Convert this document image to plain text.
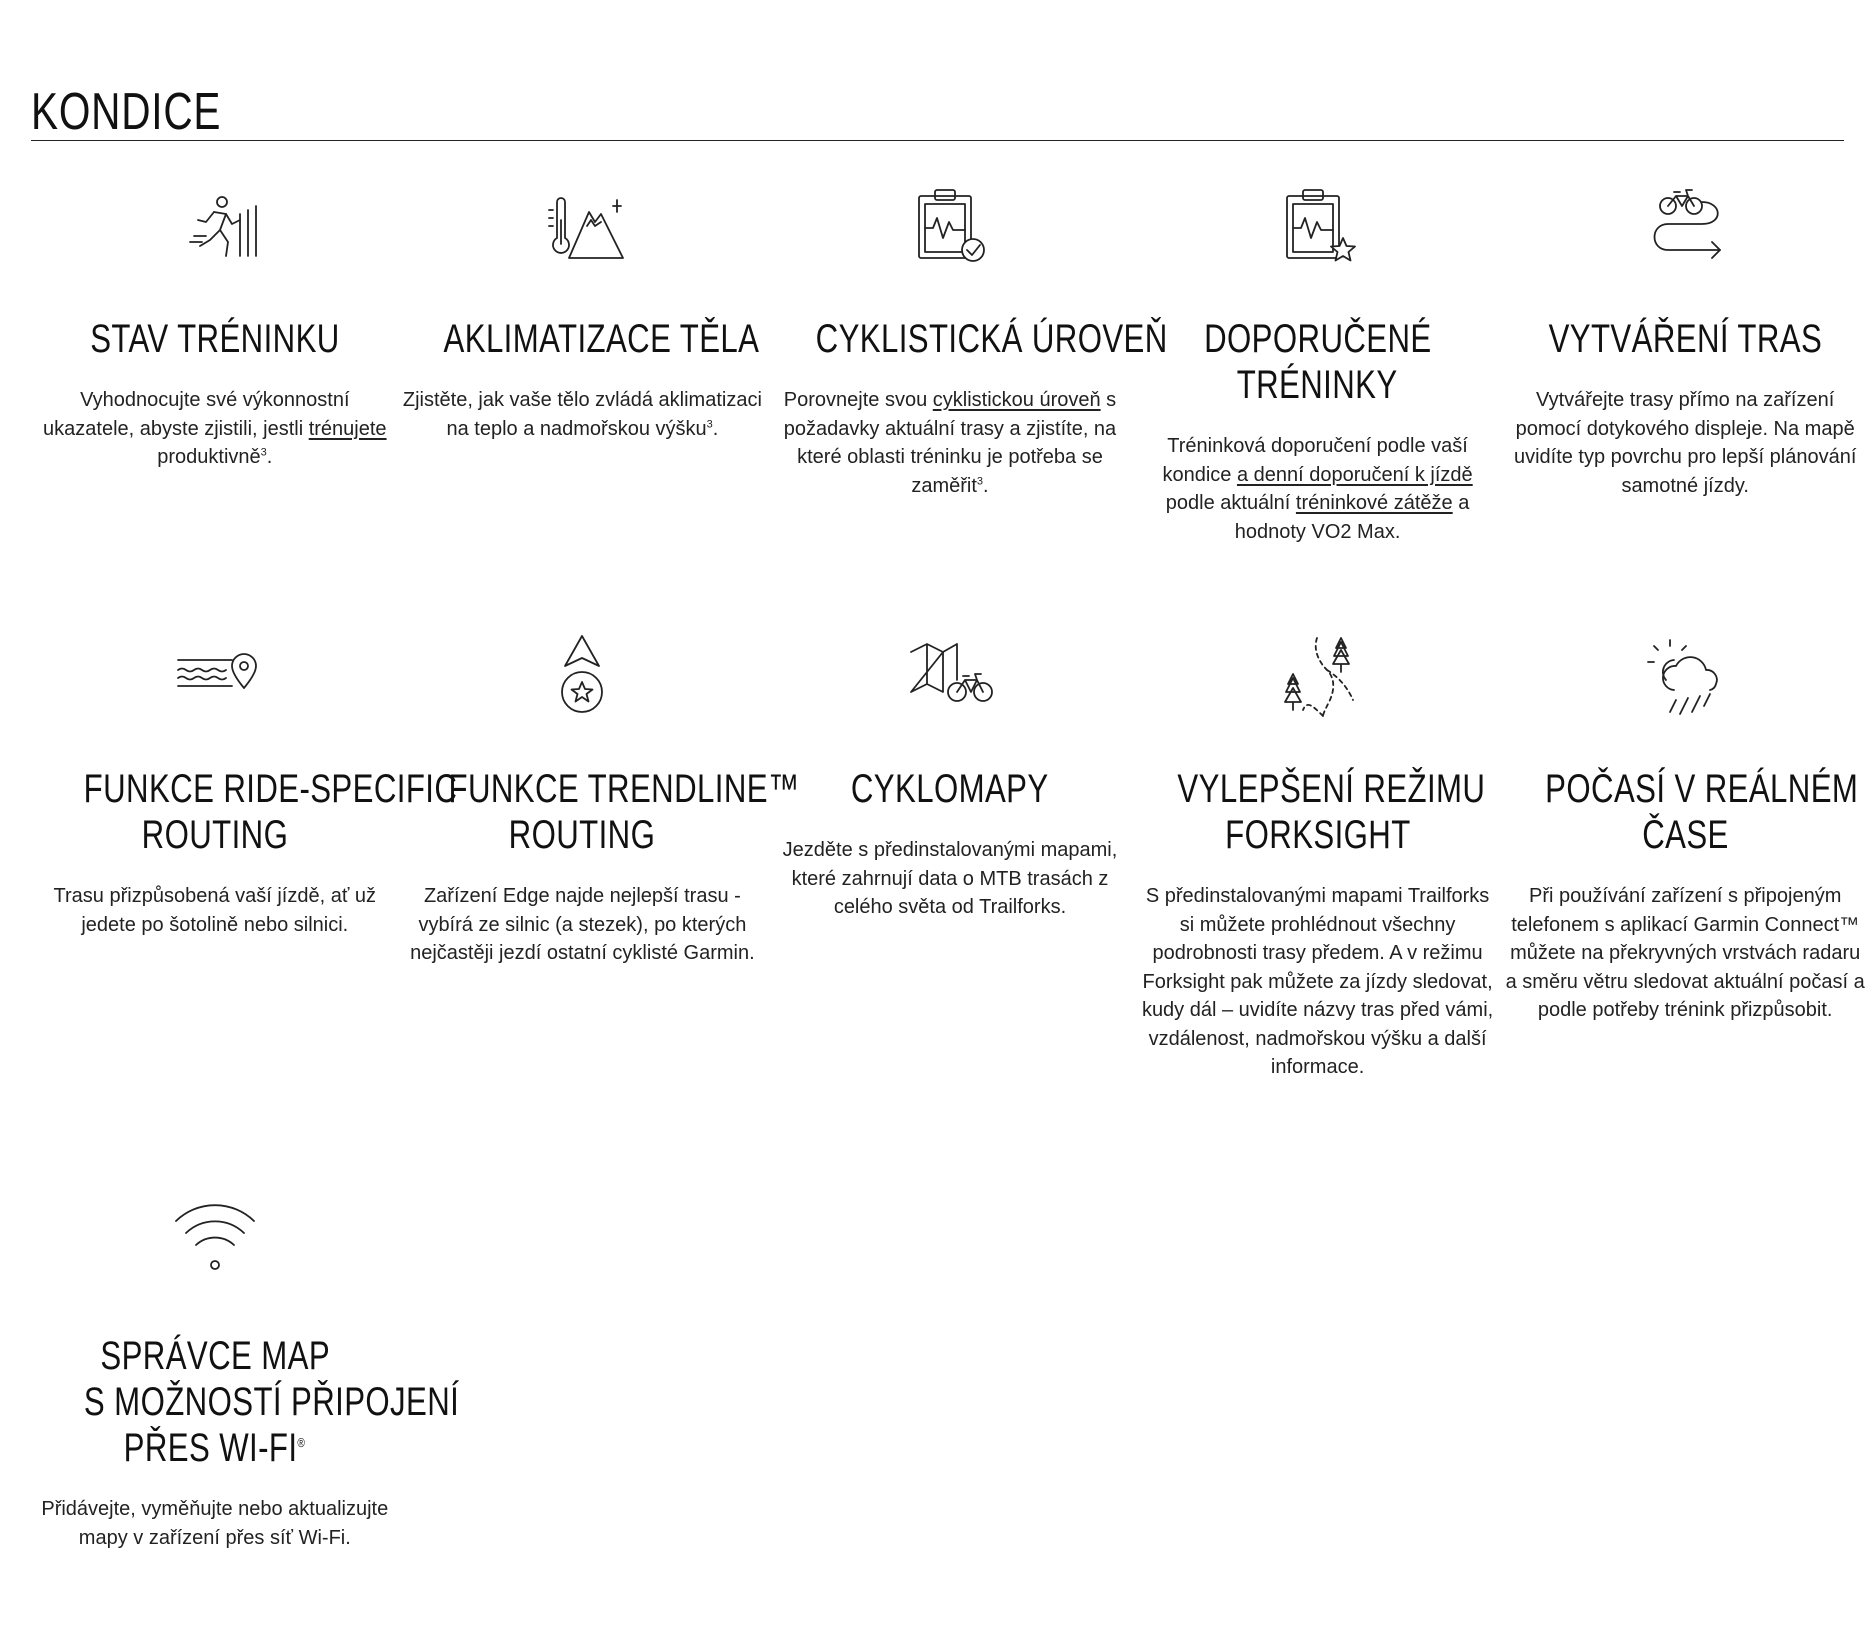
KONDICE
STAV TRÉNINKU

Vyhodnocujte své výkonnostní ukazatele, abyste zjistili, jestli trénujete produktivně$^3$.

AKLIMATIZACE TĚLA

Zjistěte, jak vaše tělo zvládá aklimatizaci na teplo a nadmořskou výšku$^3$.

CYKLISTICKÁ ÚROVEŇ

Porovnejte svou cyklistickou úroveň s požadavky aktuální trasy a zjistíte, na které oblasti tréninku je potřeba se zaměřit$^3$.

DOPORUČENÉ
TRÉNINKY

Tréninková doporučení podle vaší kondice a denní doporučení k jízdě podle aktuální tréninkové zátěže a hodnoty VO2 Max.

VYTVÁŘENÍ TRAS

Vytvářejte trasy přímo na zařízení pomocí dotykového displeje. Na mapě uvidíte typ povrchu pro lepší plánování samotné jízdy.

FUNKCE RIDE-SPECIFIC
ROUTING

Trasu přizpůsobená vaší jízdě, ať už jedete po šotolině nebo silnici.

FUNKCE TRENDLINE™
ROUTING

Zařízení Edge najde nejlepší trasu - vybírá ze silnic (a stezek), po kterých nejčastěji jezdí ostatní cyklisté Garmin.

CYKLOMAPY

Jezděte s předinstalovanými mapami, které zahrnují data o MTB trasách z celého světa od Trailforks.

VYLEPŠENÍ REŽIMU
FORKSIGHT

S předinstalovanými mapami Trailforks si můžete prohlédnout všechny podrobnosti trasy předem. A v režimu Forksight pak můžete za jízdy sledovat, kudy dál – uvidíte názvy tras před vámi, vzdálenost, nadmořskou výšku a další informace.

POČASÍ V REÁLNÉM
ČASE

Při používání zařízení s připojeným telefonem s aplikací Garmin Connect™ můžete na překryvných vrstvách radaru a směru větru sledovat aktuální počasí a podle potřeby trénink přizpůsobit.

SPRÁVCE MAP
S MOŽNOSTÍ PŘIPOJENÍ
PŘES WI-FI®

Přidávejte, vyměňujte nebo aktualizujte mapy v zařízení přes síť Wi-Fi.
